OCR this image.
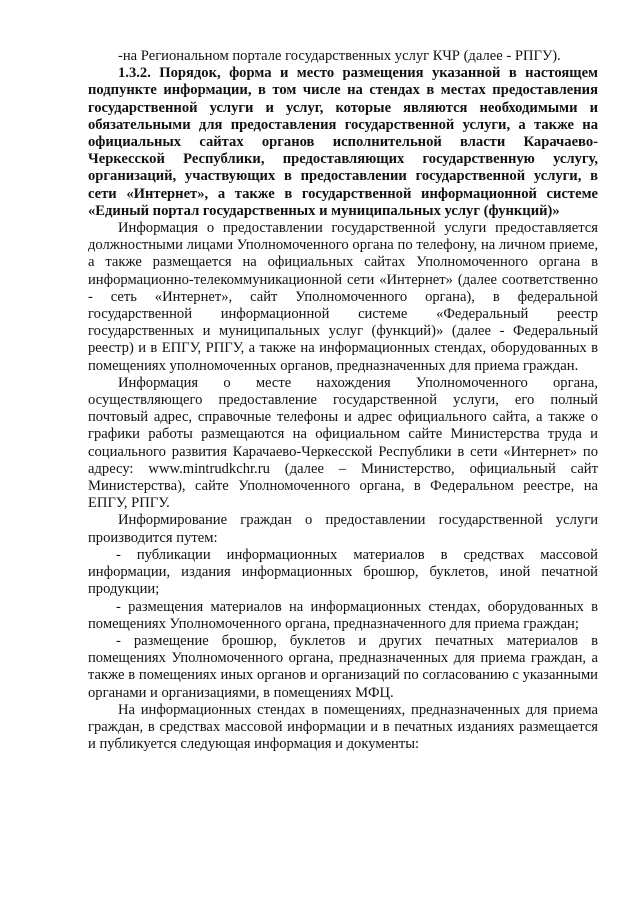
-на Региональном портале государственных услуг КЧР (далее - РПГУ).

1.3.2. Порядок, форма и место размещения указанной в настоящем подпункте информации, в том числе на стендах в местах предоставления государственной услуги и услуг, которые являются необходимыми и обязательными для предоставления государственной услуги, а также на официальных сайтах органов исполнительной власти Карачаево-Черкесской Республики, предоставляющих государственную услугу, организаций, участвующих в предоставлении государственной услуги, в сети «Интернет», а также в государственной информационной системе «Единый портал государственных и муниципальных услуг (функций)»

Информация о предоставлении государственной услуги предоставляется должностными лицами Уполномоченного органа по телефону, на личном приеме, а также размещается на официальных сайтах Уполномоченного органа в информационно-телекоммуникационной сети «Интернет» (далее соответственно - сеть «Интернет», сайт Уполномоченного органа), в федеральной государственной информационной системе «Федеральный реестр государственных и муниципальных услуг (функций)» (далее - Федеральный реестр) и в ЕПГУ, РПГУ, а также на информационных стендах, оборудованных в помещениях уполномоченных органов, предназначенных для приема граждан.

Информация о месте нахождения Уполномоченного органа, осуществляющего предоставление государственной услуги, его полный почтовый адрес, справочные телефоны и адрес официального сайта, а также о графики работы размещаются на официальном сайте Министерства труда и социального развития Карачаево-Черкесской Республики в сети «Интернет» по адресу: www.mintrudkchr.ru (далее – Министерство, официальный сайт Министерства), сайте Уполномоченного органа, в Федеральном реестре, на ЕПГУ, РПГУ.

Информирование граждан о предоставлении государственной услуги производится путем:

- публикации информационных материалов в средствах массовой информации, издания информационных брошюр, буклетов, иной печатной продукции;

- размещения материалов на информационных стендах, оборудованных в помещениях Уполномоченного органа, предназначенного для приема граждан;

- размещение брошюр, буклетов и других печатных материалов в помещениях Уполномоченного органа, предназначенных для приема граждан, а также в помещениях иных органов и организаций по согласованию с указанными органами и организациями, в помещениях МФЦ.

На информационных стендах в помещениях, предназначенных для приема граждан, в средствах массовой информации и в печатных изданиях размещается и публикуется следующая информация и документы:
